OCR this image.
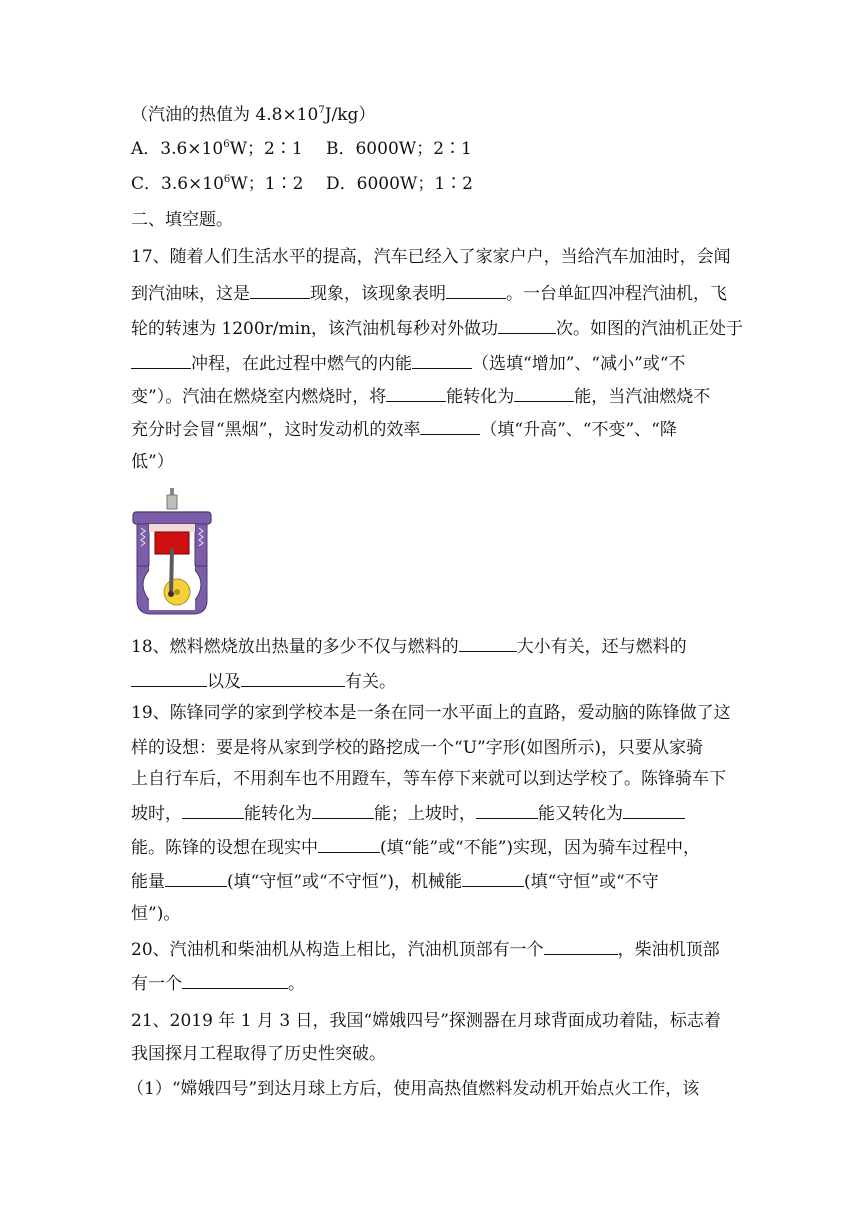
（汽油的热值为 $4.8\times 10^7J/kg$）
A．$3.6\times 10^6W$；2∶1 B．6000W；2∶1
C．$3.6\times 10^6W$；1∶2 D．6000W；1∶2
二、填空题。
17、随着人们生活水平的提高，汽车已经入了家家户户，当给汽车加油时，会闻
到汽油味，这是	现象，该现象表明	。一台单缸四冲程汽油机，飞
轮的转速为 1200r/min，该汽油机每秒对外做功	次。如图的汽油机正处于
冲程，在此过程中燃气的内能	（选填“增加”、“减小”或“不
变”）。汽油在燃烧室内燃烧时，将	能转化为	能，当汽油燃烧不
充分时会冒“黑烟”，这时发动机的效率	（填“升高”、“不变”、“降
低”）
18、燃料燃烧放出热量的多少不仅与燃料的	大小有关，还与燃料的
以及	有关。
19、陈锋同学的家到学校本是一条在同一水平面上的直路，爱动脑的陈锋做了这
样的设想：要是将从家到学校的路挖成一个“U”字形(如图所示)，只要从家骑
上自行车后，不用刹车也不用蹬车，等车停下来就可以到达学校了。陈锋骑车下
坡时，	能转化为	能；上坡时，	能又转化为
能。陈锋的设想在现实中	(填“能”或“不能”)实现，因为骑车过程中，
能量	(填“守恒”或“不守恒”)，机械能	(填“守恒”或“不守
恒”)。
20、汽油机和柴油机从构造上相比，汽油机顶部有一个	，柴油机顶部
有一个	。
21、2019 年 1 月 3 日，我国“嫦娥四号”探测器在月球背面成功着陆，标志着
我国探月工程取得了历史性突破。
（1）“嫦娥四号”到达月球上方后，使用高热值燃料发动机开始点火工作，该
